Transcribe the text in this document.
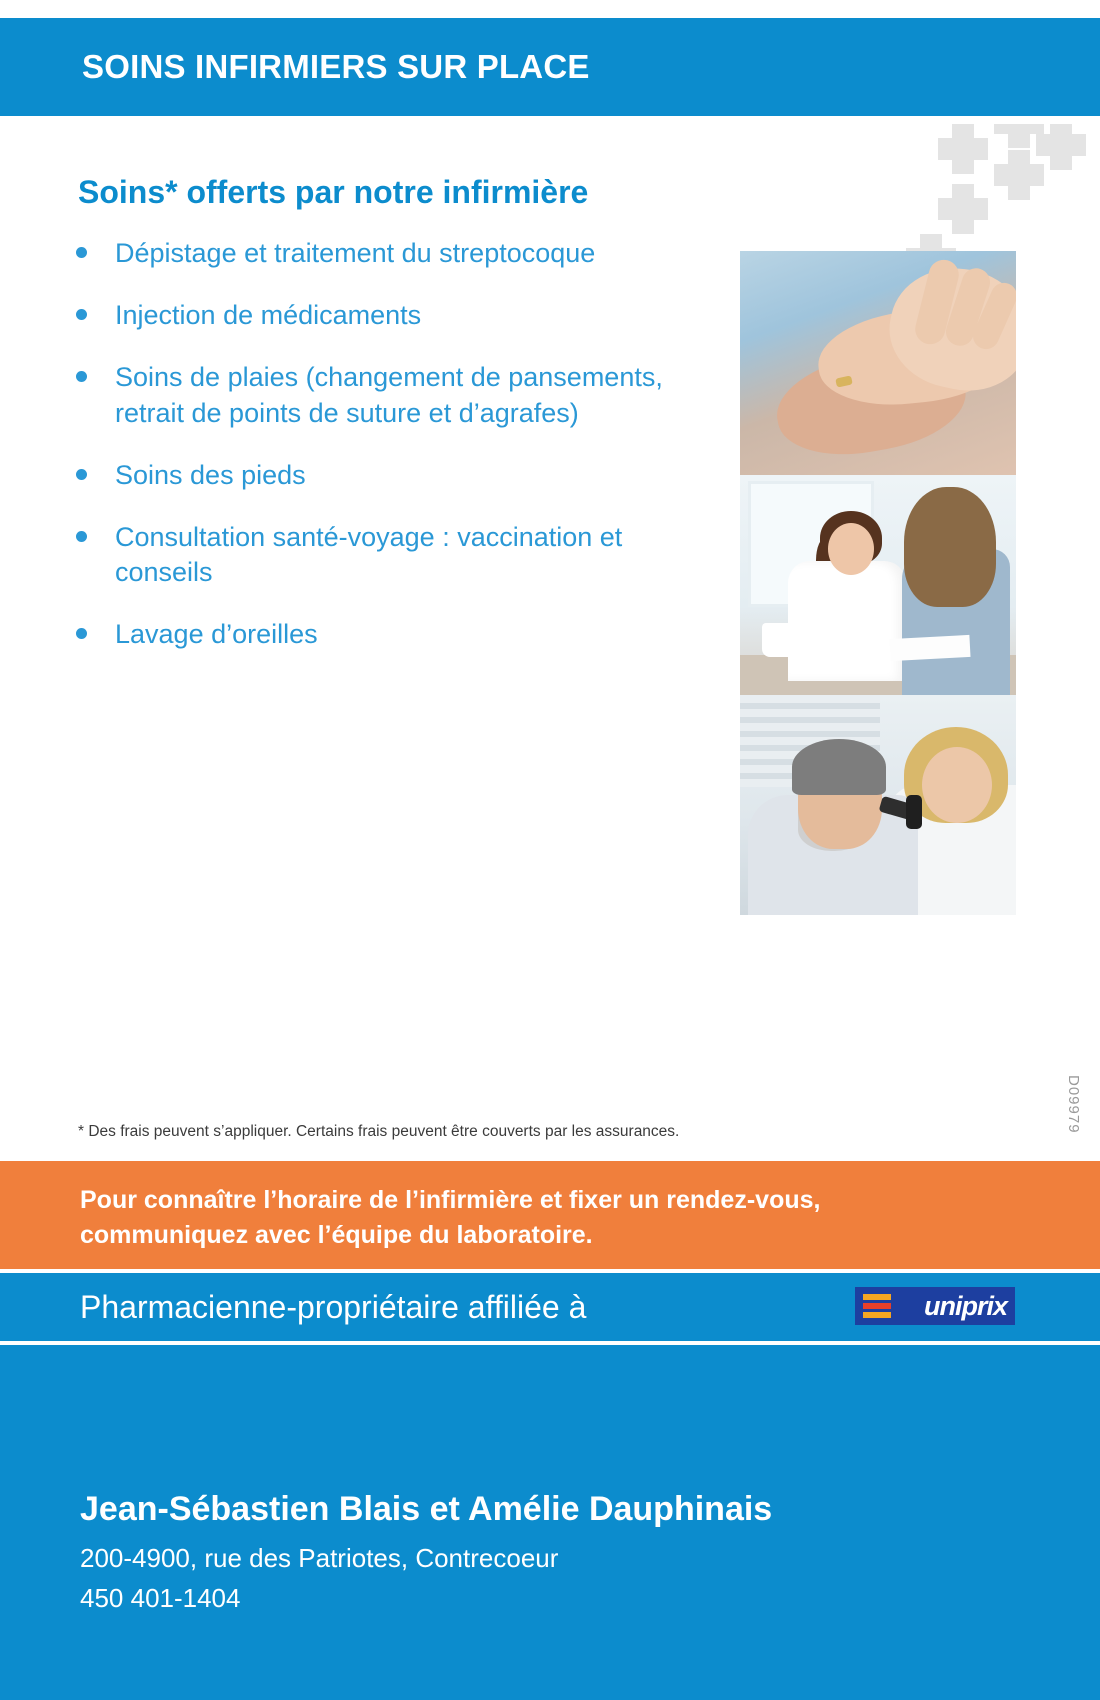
SOINS INFIRMIERS SUR PLACE
Soins* offerts par notre infirmière
Dépistage et traitement du streptocoque
Injection de médicaments
Soins de plaies (changement de pansements, retrait de points de suture et d’agrafes)
Soins des pieds
Consultation santé-voyage : vaccination et conseils
Lavage d’oreilles
* Des frais peuvent s’appliquer. Certains frais peuvent être couverts par les assurances.	D09979
Pour connaître l’horaire de l’infirmière et fixer un rendez-vous,
communiquez avec l’équipe du laboratoire.
Pharmacienne-propriétaire affiliée à	uniprix
Jean-Sébastien Blais et Amélie Dauphinais
200-4900, rue des Patriotes, Contrecoeur
450 401-1404
